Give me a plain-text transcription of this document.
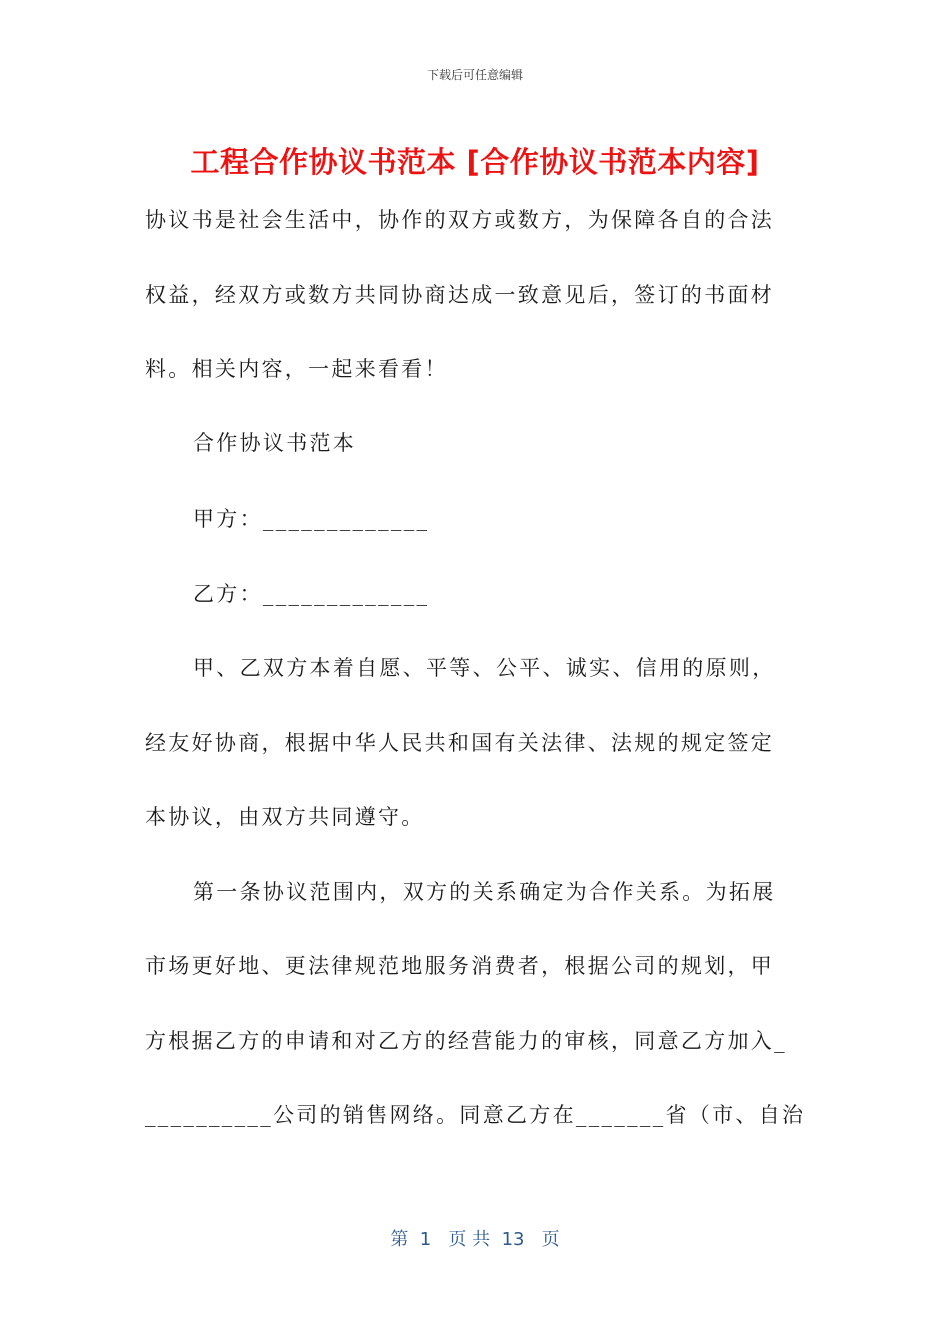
下载后可任意编辑
工程合作协议书范本 [合作协议书范本内容]
协议书是社会生活中，协作的双方或数方，为保障各自的合法
权益，经双方或数方共同协商达成一致意见后，签订的书面材
料。相关内容，一起来看看！
合作协议书范本
甲方：_____________
乙方：_____________
甲、乙双方本着自愿、平等、公平、诚实、信用的原则，
经友好协商，根据中华人民共和国有关法律、法规的规定签定
本协议，由双方共同遵守。
第一条协议范围内，双方的关系确定为合作关系。为拓展
市场更好地、更法律规范地服务消费者，根据公司的规划，甲
方根据乙方的申请和对乙方的经营能力的审核，同意乙方加入_
__________公司的销售网络。同意乙方在_______省（市、自治
第  1   页 共  13   页
